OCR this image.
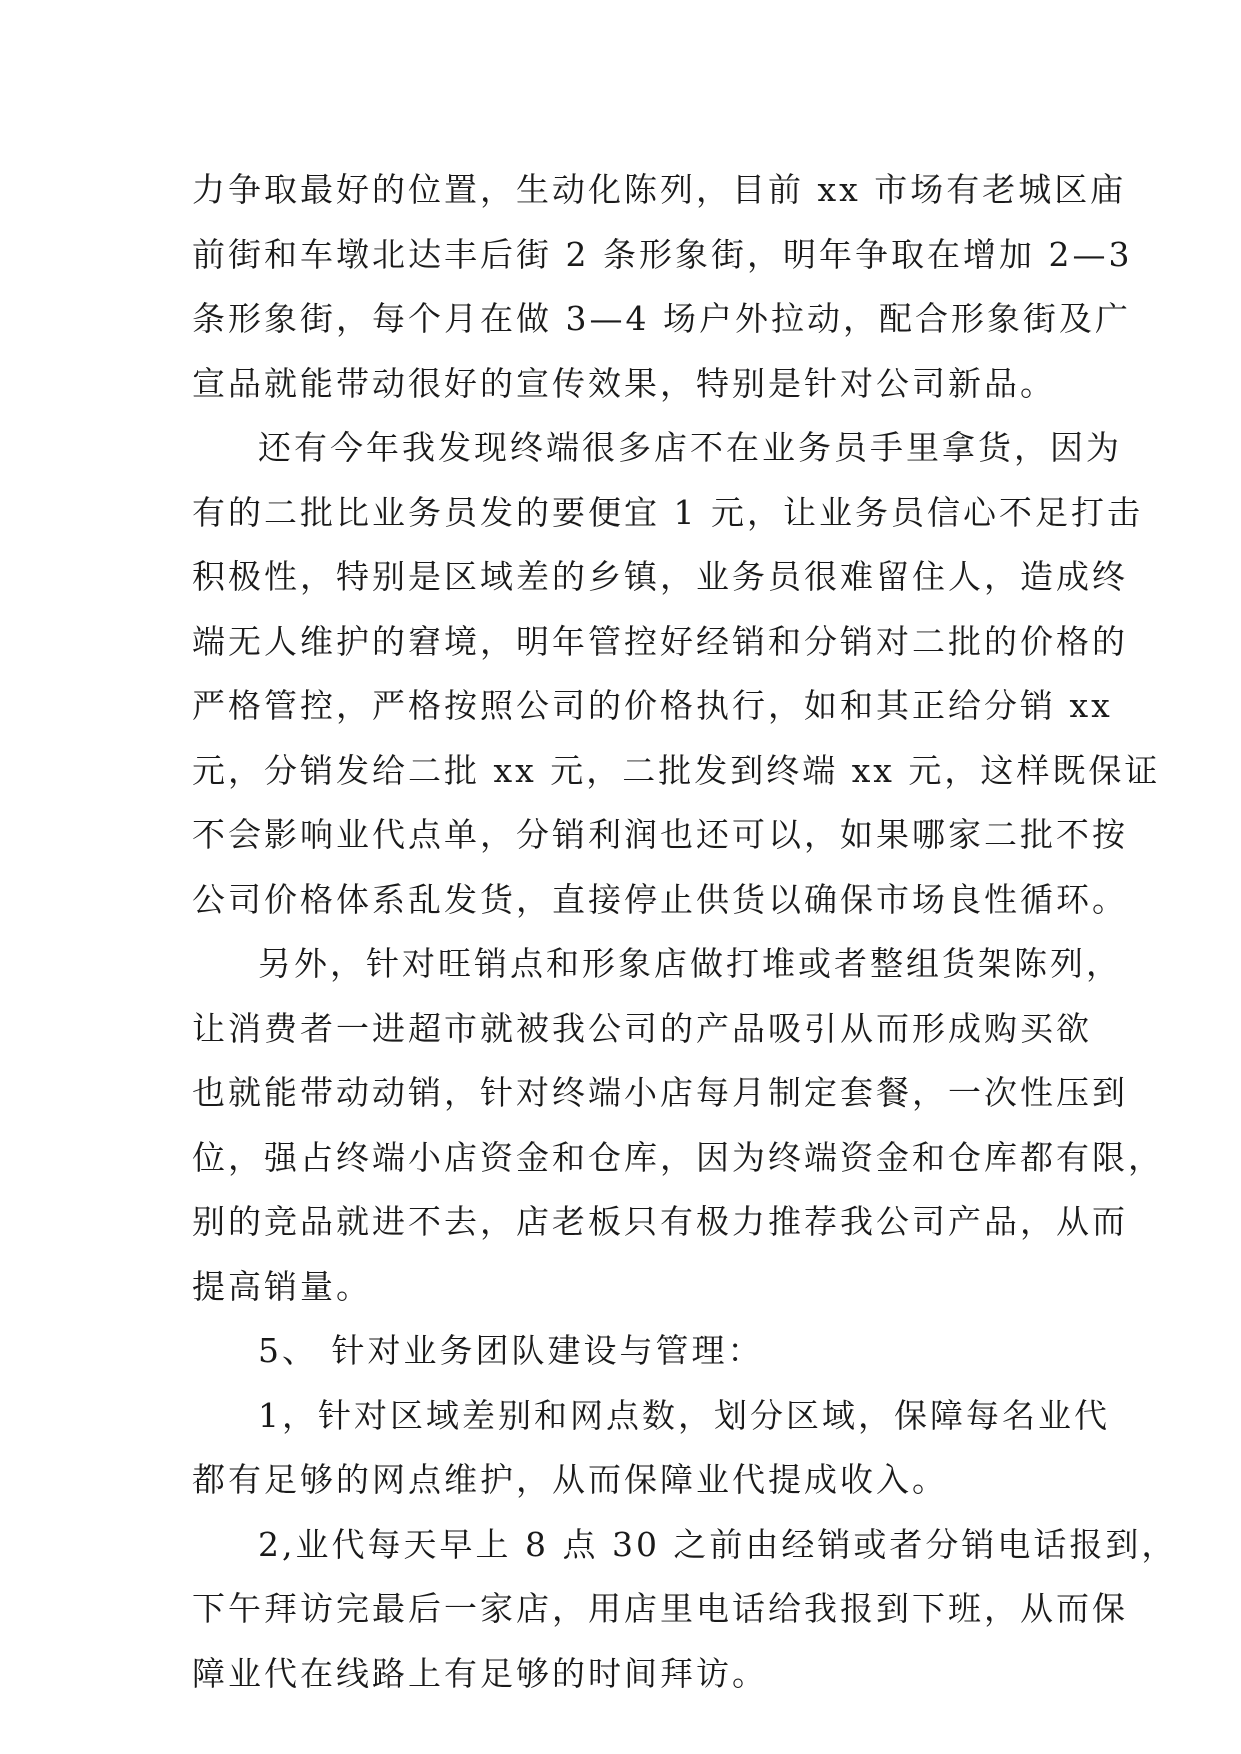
力争取最好的位置，生动化陈列，目前 xx 市场有老城区庙
前街和车墩北达丰后街 2 条形象街，明年争取在增加 2—3
条形象街，每个月在做 3—4 场户外拉动，配合形象街及广
宣品就能带动很好的宣传效果，特别是针对公司新品。
还有今年我发现终端很多店不在业务员手里拿货，因为
有的二批比业务员发的要便宜 1 元，让业务员信心不足打击
积极性，特别是区域差的乡镇，业务员很难留住人，造成终
端无人维护的窘境，明年管控好经销和分销对二批的价格的
严格管控，严格按照公司的价格执行，如和其正给分销 xx
元，分销发给二批 xx 元，二批发到终端 xx 元，这样既保证
不会影响业代点单，分销利润也还可以，如果哪家二批不按
公司价格体系乱发货，直接停止供货以确保市场良性循环。
另外，针对旺销点和形象店做打堆或者整组货架陈列，
让消费者一进超市就被我公司的产品吸引从而形成购买欲
也就能带动动销，针对终端小店每月制定套餐，一次性压到
位，强占终端小店资金和仓库，因为终端资金和仓库都有限，
别的竞品就进不去，店老板只有极力推荐我公司产品，从而
提高销量。
5、 针对业务团队建设与管理：
1，针对区域差别和网点数，划分区域，保障每名业代
都有足够的网点维护，从而保障业代提成收入。
2,业代每天早上 8 点 30 之前由经销或者分销电话报到，
下午拜访完最后一家店，用店里电话给我报到下班，从而保
障业代在线路上有足够的时间拜访。
